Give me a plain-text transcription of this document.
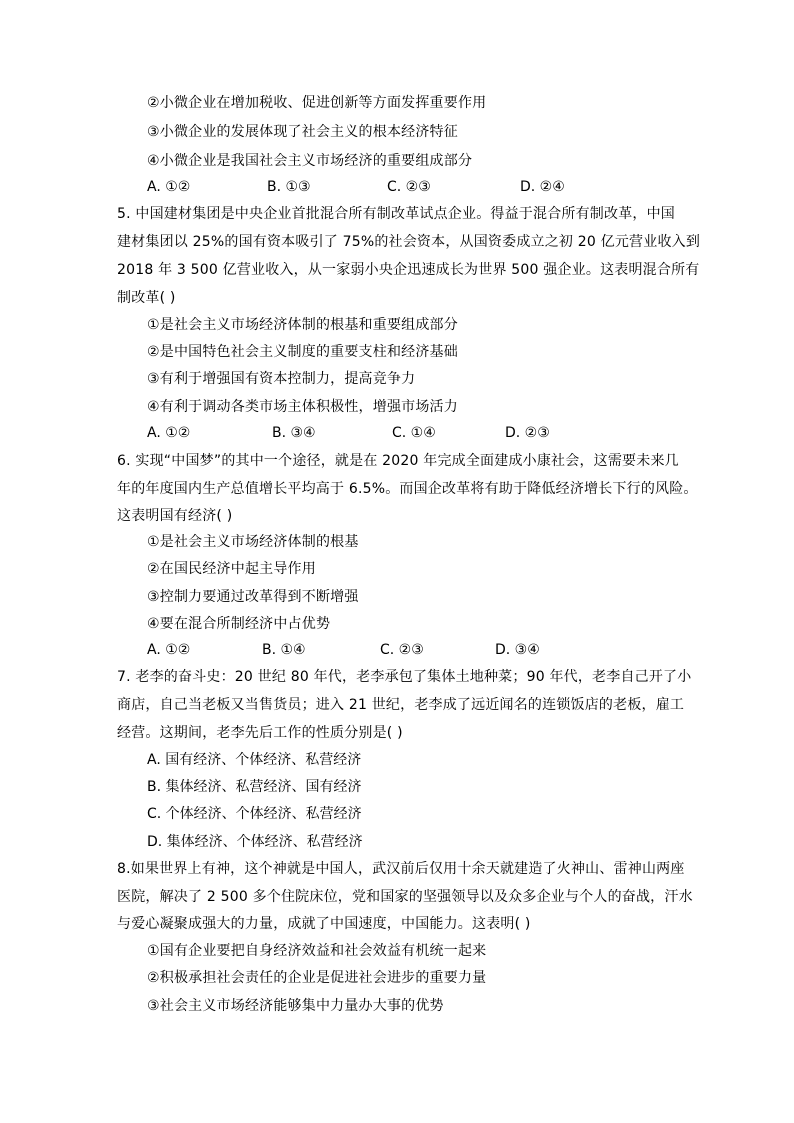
②小微企业在增加税收、促进创新等方面发挥重要作用
③小微企业的发展体现了社会主义的根本经济特征
④小微企业是我国社会主义市场经济的重要组成部分
A. ①②	B. ①③	C. ②③	D. ②④
5. 中国建材集团是中央企业首批混合所有制改革试点企业。得益于混合所有制改革，中国
建材集团以 25%的国有资本吸引了 75%的社会资本，从国资委成立之初 20 亿元营业收入到
2018 年 3 500 亿营业收入，从一家弱小央企迅速成长为世界 500 强企业。这表明混合所有
制改革( )
①是社会主义市场经济体制的根基和重要组成部分
②是中国特色社会主义制度的重要支柱和经济基础
③有利于增强国有资本控制力，提高竞争力
④有利于调动各类市场主体积极性，增强市场活力
A. ①②	B. ③④	C. ①④	D. ②③
6. 实现“中国梦”的其中一个途径，就是在 2020 年完成全面建成小康社会，这需要未来几
年的年度国内生产总值增长平均高于 6.5%。而国企改革将有助于降低经济增长下行的风险。
这表明国有经济( )
①是社会主义市场经济体制的根基
②在国民经济中起主导作用
③控制力要通过改革得到不断增强
④要在混合所制经济中占优势
A. ①②	B. ①④	C. ②③	D. ③④
7. 老李的奋斗史：20 世纪 80 年代，老李承包了集体土地种菜；90 年代，老李自己开了小
商店，自己当老板又当售货员；进入 21 世纪，老李成了远近闻名的连锁饭店的老板，雇工
经营。这期间，老李先后工作的性质分别是( )
A. 国有经济、个体经济、私营经济
B. 集体经济、私营经济、国有经济
C. 个体经济、个体经济、私营经济
D. 集体经济、个体经济、私营经济
8.如果世界上有神，这个神就是中国人，武汉前后仅用十余天就建造了火神山、雷神山两座
医院，解决了 2 500 多个住院床位，党和国家的坚强领导以及众多企业与个人的奋战，汗水
与爱心凝聚成强大的力量，成就了中国速度，中国能力。这表明( )
①国有企业要把自身经济效益和社会效益有机统一起来
②积极承担社会责任的企业是促进社会进步的重要力量
③社会主义市场经济能够集中力量办大事的优势
